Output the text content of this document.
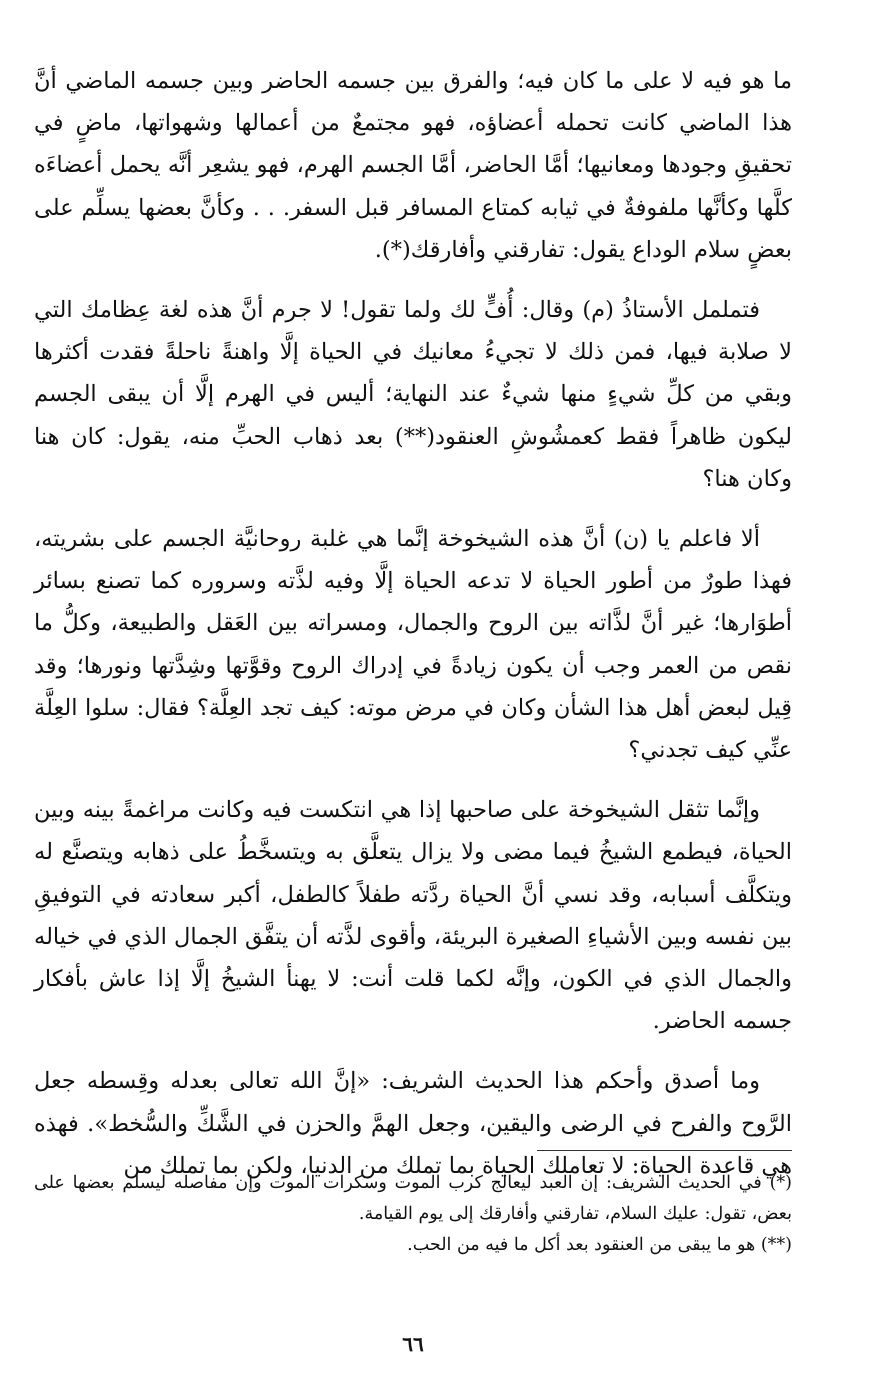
ما هو فيه لا على ما كان فيه؛ والفرق بين جسمه الحاضر وبين جسمه الماضي أنَّ هذا الماضي كانت تحمله أعضاؤه، فهو مجتمعٌ من أعمالها وشهواتها، ماضٍ في تحقيقِ وجودها ومعانيها؛ أمَّا الحاضر، أمَّا الجسم الهرم، فهو يشعِر أنَّه يحمل أعضاءَه كلَّها وكأنَّها ملفوفةٌ في ثيابه كمتاع المسافر قبل السفر. . . وكأنَّ بعضها يسلِّم على بعضٍ سلام الوداع يقول: تفارقني وأفارقك(*).

فتململ الأستاذُ (م) وقال: أُفٍّ لك ولما تقول! لا جرم أنَّ هذه لغة عِظامك التي لا صلابة فيها، فمن ذلك لا تجيءُ معانيك في الحياة إلَّا واهنةً ناحلةً فقدت أكثرها وبقي من كلِّ شيءٍ منها شيءٌ عند النهاية؛ أليس في الهرم إلَّا أن يبقى الجسم ليكون ظاهراً فقط كعمشُوشِ العنقود(**) بعد ذهاب الحبِّ منه، يقول: كان هنا وكان هنا؟

ألا فاعلم يا (ن) أنَّ هذه الشيخوخة إنَّما هي غلبة روحانيَّة الجسم على بشريته، فهذا طورٌ من أطور الحياة لا تدعه الحياة إلَّا وفيه لذَّته وسروره كما تصنع بسائر أطوَارها؛ غير أنَّ لذَّاته بين الروح والجمال، ومسراته بين العَقل والطبيعة، وكلُّ ما نقص من العمر وجب أن يكون زيادةً في إدراك الروح وقوَّتها وشِدَّتها ونورها؛ وقد قِيل لبعض أهل هذا الشأن وكان في مرض موته: كيف تجد العِلَّة؟ فقال: سلوا العِلَّة عنِّي كيف تجدني؟

وإنَّما تثقل الشيخوخة على صاحبها إذا هي انتكست فيه وكانت مراغمةً بينه وبين الحياة، فيطمع الشيخُ فيما مضى ولا يزال يتعلَّق به ويتسخَّطُ على ذهابه ويتصنَّع له ويتكلَّف أسبابه، وقد نسي أنَّ الحياة ردَّته طفلاً كالطفل، أكبر سعادته في التوفيقِ بين نفسه وبين الأشياءِ الصغيرة البريئة، وأقوى لذَّته أن يتفَّق الجمال الذي في خياله والجمال الذي في الكون، وإنَّه لكما قلت أنت: لا يهنأ الشيخُ إلَّا إذا عاش بأفكار جسمه الحاضر.

وما أصدق وأحكم هذا الحديث الشريف: «إنَّ الله تعالى بعدله وقِسطه جعل الرَّوح والفرح في الرضى واليقين، وجعل الهمَّ والحزن في الشَّكِّ والسُّخط». فهذه هي قاعدة الحياة: لا تعاملك الحياة بما تملك من الدنيا، ولكن بما تملك من

(*) في الحديث الشريف: إن العبد ليعالج كرب الموت وسكرات الموت وإن مفاصله ليسلم بعضها على بعض، تقول: عليك السلام، تفارقني وأفارقك إلى يوم القيامة.

(**) هو ما يبقى من العنقود بعد أكل ما فيه من الحب.

٦٦
